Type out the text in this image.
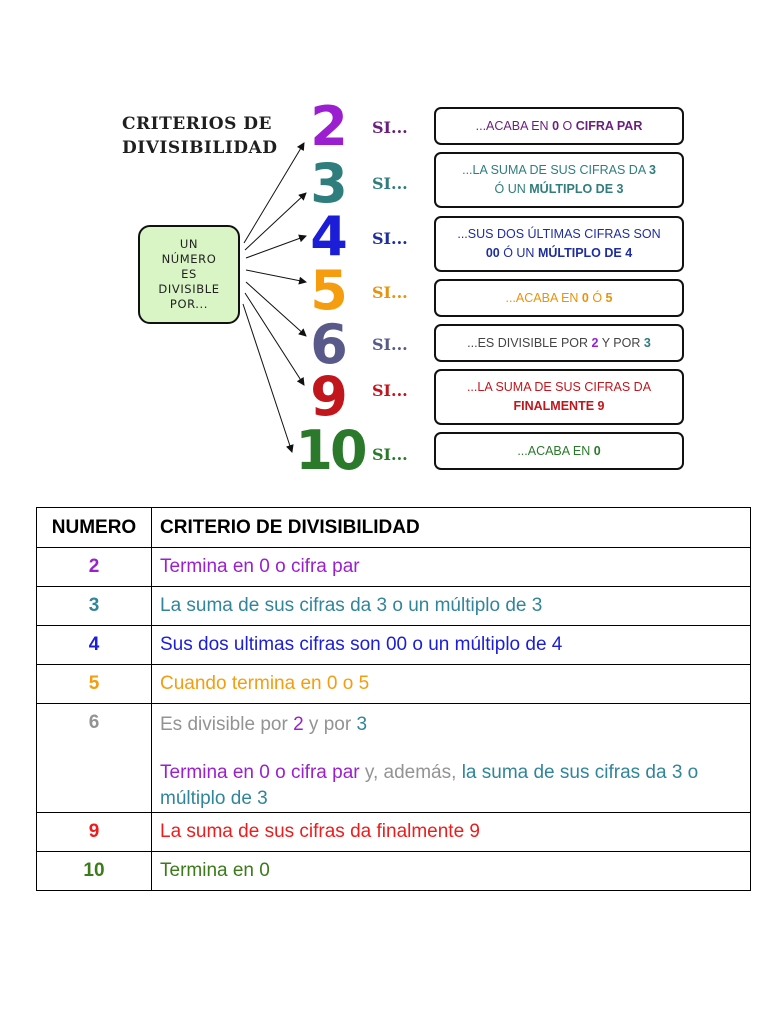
CRITERIOS DE
DIVISIBILIDAD
UN
NÚMERO
ES
DIVISIBLE
POR...
2
3
4
5
6
9
10
SI...
SI...
SI...
SI...
SI...
SI...
SI...
...ACABA EN 0 O CIFRA PAR
...LA SUMA DE SUS CIFRAS DA 3
Ó UN MÚLTIPLO DE 3
...SUS DOS ÚLTIMAS CIFRAS SON
00 Ó UN MÚLTIPLO DE 4
...ACABA EN 0 Ó 5
...ES DIVISIBLE POR 2 Y POR 3
...LA SUMA DE SUS CIFRAS DA
FINALMENTE 9
...ACABA EN 0
NUMERO	CRITERIO DE DIVISIBILIDAD
2	Termina en 0 o cifra par
3	La suma de sus cifras da 3 o un múltiplo de 3
4	Sus dos ultimas cifras son 00 o un múltiplo de 4
5	Cuando termina en 0 o 5
6	Es divisible por 2 y por 3
Termina en 0 o cifra par y, además, la suma de sus cifras da 3 o múltiplo de 3
9	La suma de sus cifras da finalmente 9
10	Termina en 0
